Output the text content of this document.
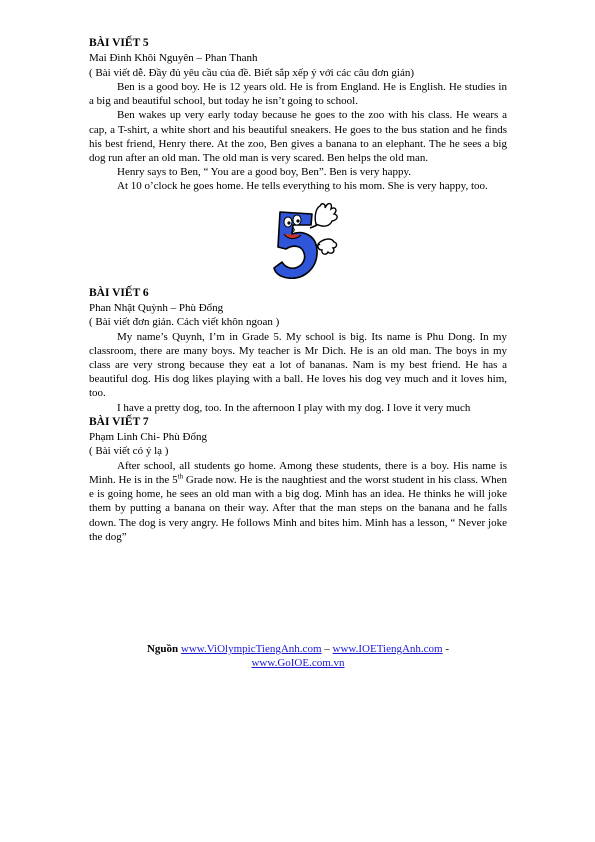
BÀI VIẾT 5

Mai Đình Khôi Nguyên – Phan Thanh

( Bài viết dễ. Đầy đủ yêu cầu của đề. Biết sắp xếp ý với các câu đơn giản)

Ben is a good boy. He is 12 years old. He is from England. He is English. He studies in a big and beautiful school, but today he isn’t going to school.

Ben wakes up very early today because he goes to the zoo with his class. He wears a cap, a T-shirt, a white short and his beautiful sneakers. He goes to the bus station and he finds his best friend, Henry there. At the zoo, Ben gives a banana to an elephant. The he sees a big dog run after an old man. The old man is very scared. Ben helps the old man.

Henry says to Ben, “ You are a good boy, Ben”. Ben is very happy.

At 10 o’clock he goes home. He tells everything to his mom. She is very happy, too.

BÀI VIẾT 6

Phan Nhật Quỳnh – Phù Đổng

( Bài viết đơn giản. Cách viết khôn ngoan )

My name’s Quynh, I’m in Grade 5. My school is big. Its name is Phu Dong. In my classroom, there are many boys. My teacher is Mr Dich. He is an old man. The boys in my class are very strong because they eat a lot of bananas. Nam is my best friend. He has a beautiful dog. His dog likes playing with a ball. He loves his dog vey much and it loves him, too.

I have a pretty dog, too. In the afternoon I play with my dog. I love it very much

BÀI VIẾT 7

Phạm Linh Chi- Phù Đổng

( Bài viết có ý lạ )

After school, all students go home. Among these students, there is a boy. His name is Minh. He is in the 5th Grade now. He is the naughtiest and the worst student in his class. When e is going home, he sees an old man with a big dog. Minh has an idea. He thinks he will joke them by putting a banana on their way. After that the man steps on the banana and he falls down. The dog is very angry. He follows Minh and bites him. Minh has a lesson, “ Never joke the dog”

Nguồn www.ViOlympicTiengAnh.com – www.IOETiengAnh.com -
www.GoIOE.com.vn
